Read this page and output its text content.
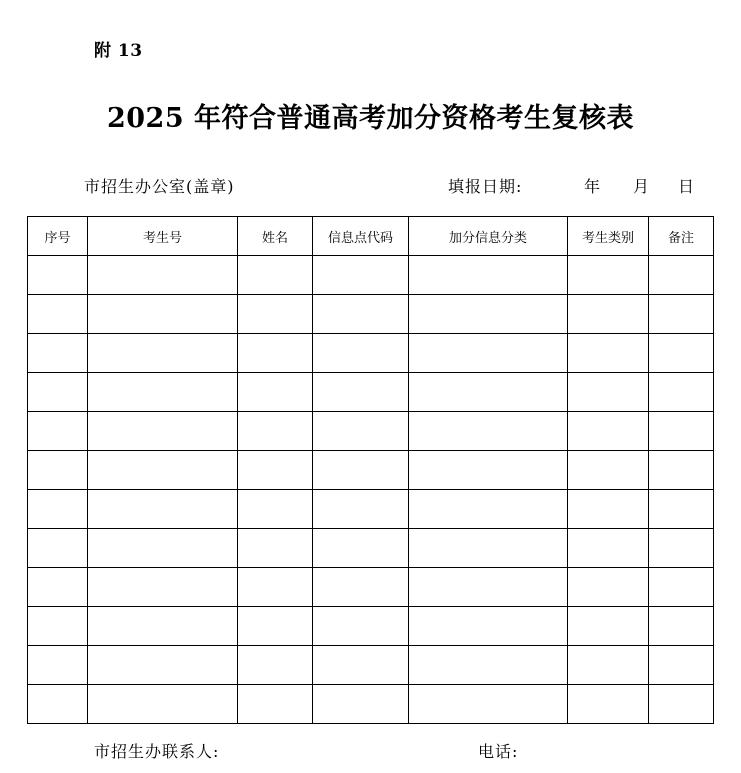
附 13
2025 年符合普通高考加分资格考生复核表
市招生办公室(盖章)	填报日期:	年 月 日
序号	考生号	姓名	信息点代码	加分信息分类	考生类别	备注

市招生办联系人:	电话:
